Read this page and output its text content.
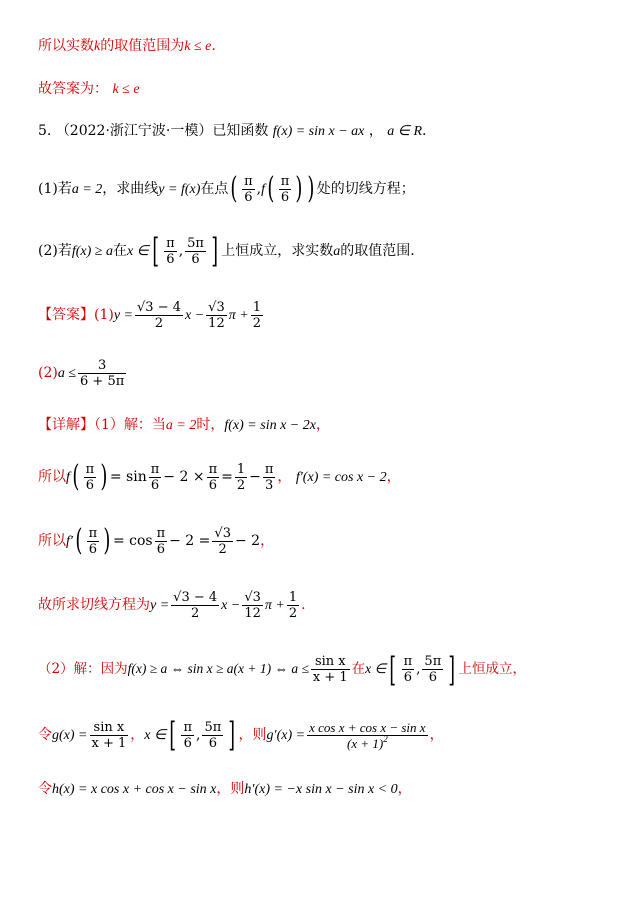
所以实数k的取值范围为k ≤ e.
故答案为： k ≤ e
5. （2022·浙江宁波·一模）已知函数 f(x) = sin x − ax ， a ∈ R.
(1)若a = 2，求曲线y = f(x)在点( $\frac{\pi}{6} ,f( \frac{\pi}{6}$ ) ) 处的切线方程；
(2)若f(x) ≥ a在x ∈[ $\frac{\pi}{6}$ , $\frac{5\pi}{6}$ ] 上恒成立，求实数a的取值范围.
【答案】$(1)y = \frac{√3 - 4}{2}$ $x - \frac{√3}{12}$ $\pi + \frac{1}{2}$
$(2)a \le \frac{3}{6 + 5\pi}$
【详解】（1）解：当a = 2时，f(x) = sin x − 2x，
所以$f( \frac{\pi}{6}$ ) = $\sin \frac{\pi}{6} - 2 \times \frac{\pi}{6} = \frac{1}{2} - \frac{\pi}{3}$ ， f′(x) = cos x − 2，
所以$f'( \frac{\pi}{6}$ ) = $\cos \frac{\pi}{6} - 2 = \frac{√3}{2} - 2$，
故所求切线方程为$y = \frac{√3 - 4}{2}$ $x - \frac{√3}{12}$ $\pi + \frac{1}{2}$ .
（2）解：因为f(x) ≥ a ⇔ sin x ≥ a(x + 1) ⇔ $a \le \frac{\text{sin x}}{x + 1}$ 在x ∈[ $\frac{\pi}{6}$ , $\frac{5\pi}{6}$ ] 上恒成立，
令$g(x) = \frac{\text{sin x}}{x + 1}$ ，x ∈[ $\frac{\pi}{6}$ , $\frac{5\pi}{6}$ ] ，则$g'(x) = \frac{\text{x cos x + cos x − sin x}}{(x + 1)^2}$ ，
令h(x) = x cos x + cos x − sin x，则h′(x) = −x sin x − sin x < 0，
